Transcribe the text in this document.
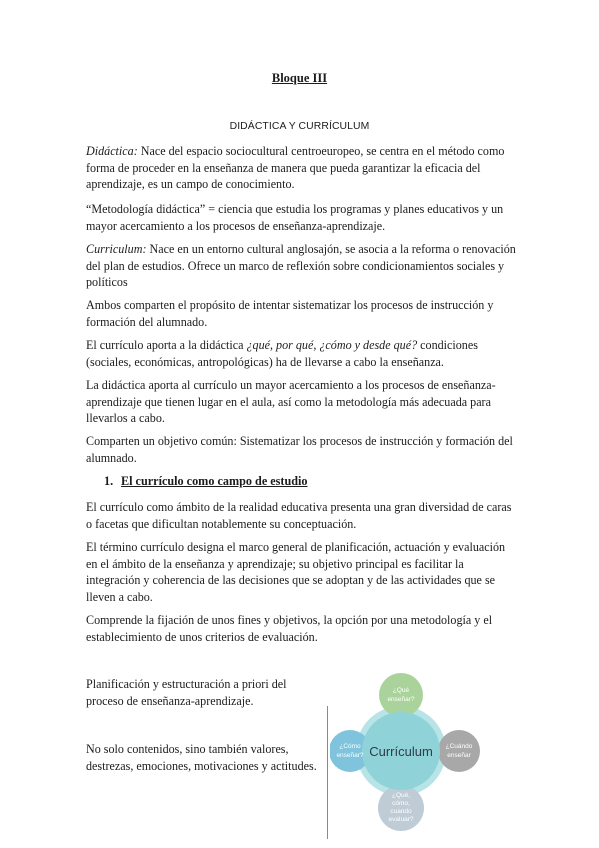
Bloque III
DIDÁCTICA Y CURRÍCULUM

Didáctica: Nace del espacio sociocultural centroeuropeo, se centra en el método como forma de proceder en la enseñanza de manera que pueda garantizar la eficacia del aprendizaje, es un campo de conocimiento.

“Metodología didáctica” = ciencia que estudia los programas y planes educativos y un mayor acercamiento a los procesos de enseñanza-aprendizaje.

Curriculum: Nace en un entorno cultural anglosajón, se asocia a la reforma o renovación del plan de estudios. Ofrece un marco de reflexión sobre condicionamientos sociales y políticos

Ambos comparten el propósito de intentar sistematizar los procesos de instrucción y formación del alumnado.

El currículo aporta a la didáctica ¿qué, por qué, ¿cómo y desde qué? condiciones (sociales, económicas, antropológicas) ha de llevarse a cabo la enseñanza.

La didáctica aporta al currículo un mayor acercamiento a los procesos de enseñanza-aprendizaje que tienen lugar en el aula, así como la metodología más adecuada para llevarlos a cabo.

Comparten un objetivo común: Sistematizar los procesos de instrucción y formación del alumnado.

1. El currículo como campo de estudio

El currículo como ámbito de la realidad educativa presenta una gran diversidad de caras o facetas que dificultan notablemente su conceptuación.

El término currículo designa el marco general de planificación, actuación y evaluación en el ámbito de la enseñanza y aprendizaje; su objetivo principal es facilitar la integración y coherencia de las decisiones que se adoptan y de las actividades que se lleven a cabo.

Comprende la fijación de unos fines y objetivos, la opción por una metodología y el establecimiento de unos criterios de evaluación.

Planificación y estructuración a priori del proceso de enseñanza-aprendizaje.

No solo contenidos, sino también valores, destrezas, emociones, motivaciones y actitudes.

Currículum
¿Qué
enseñar?
¿Cómo
enseñar?
¿Cuándo
enseñar
¿Qué,
cómo,
cuando
evaluar?
